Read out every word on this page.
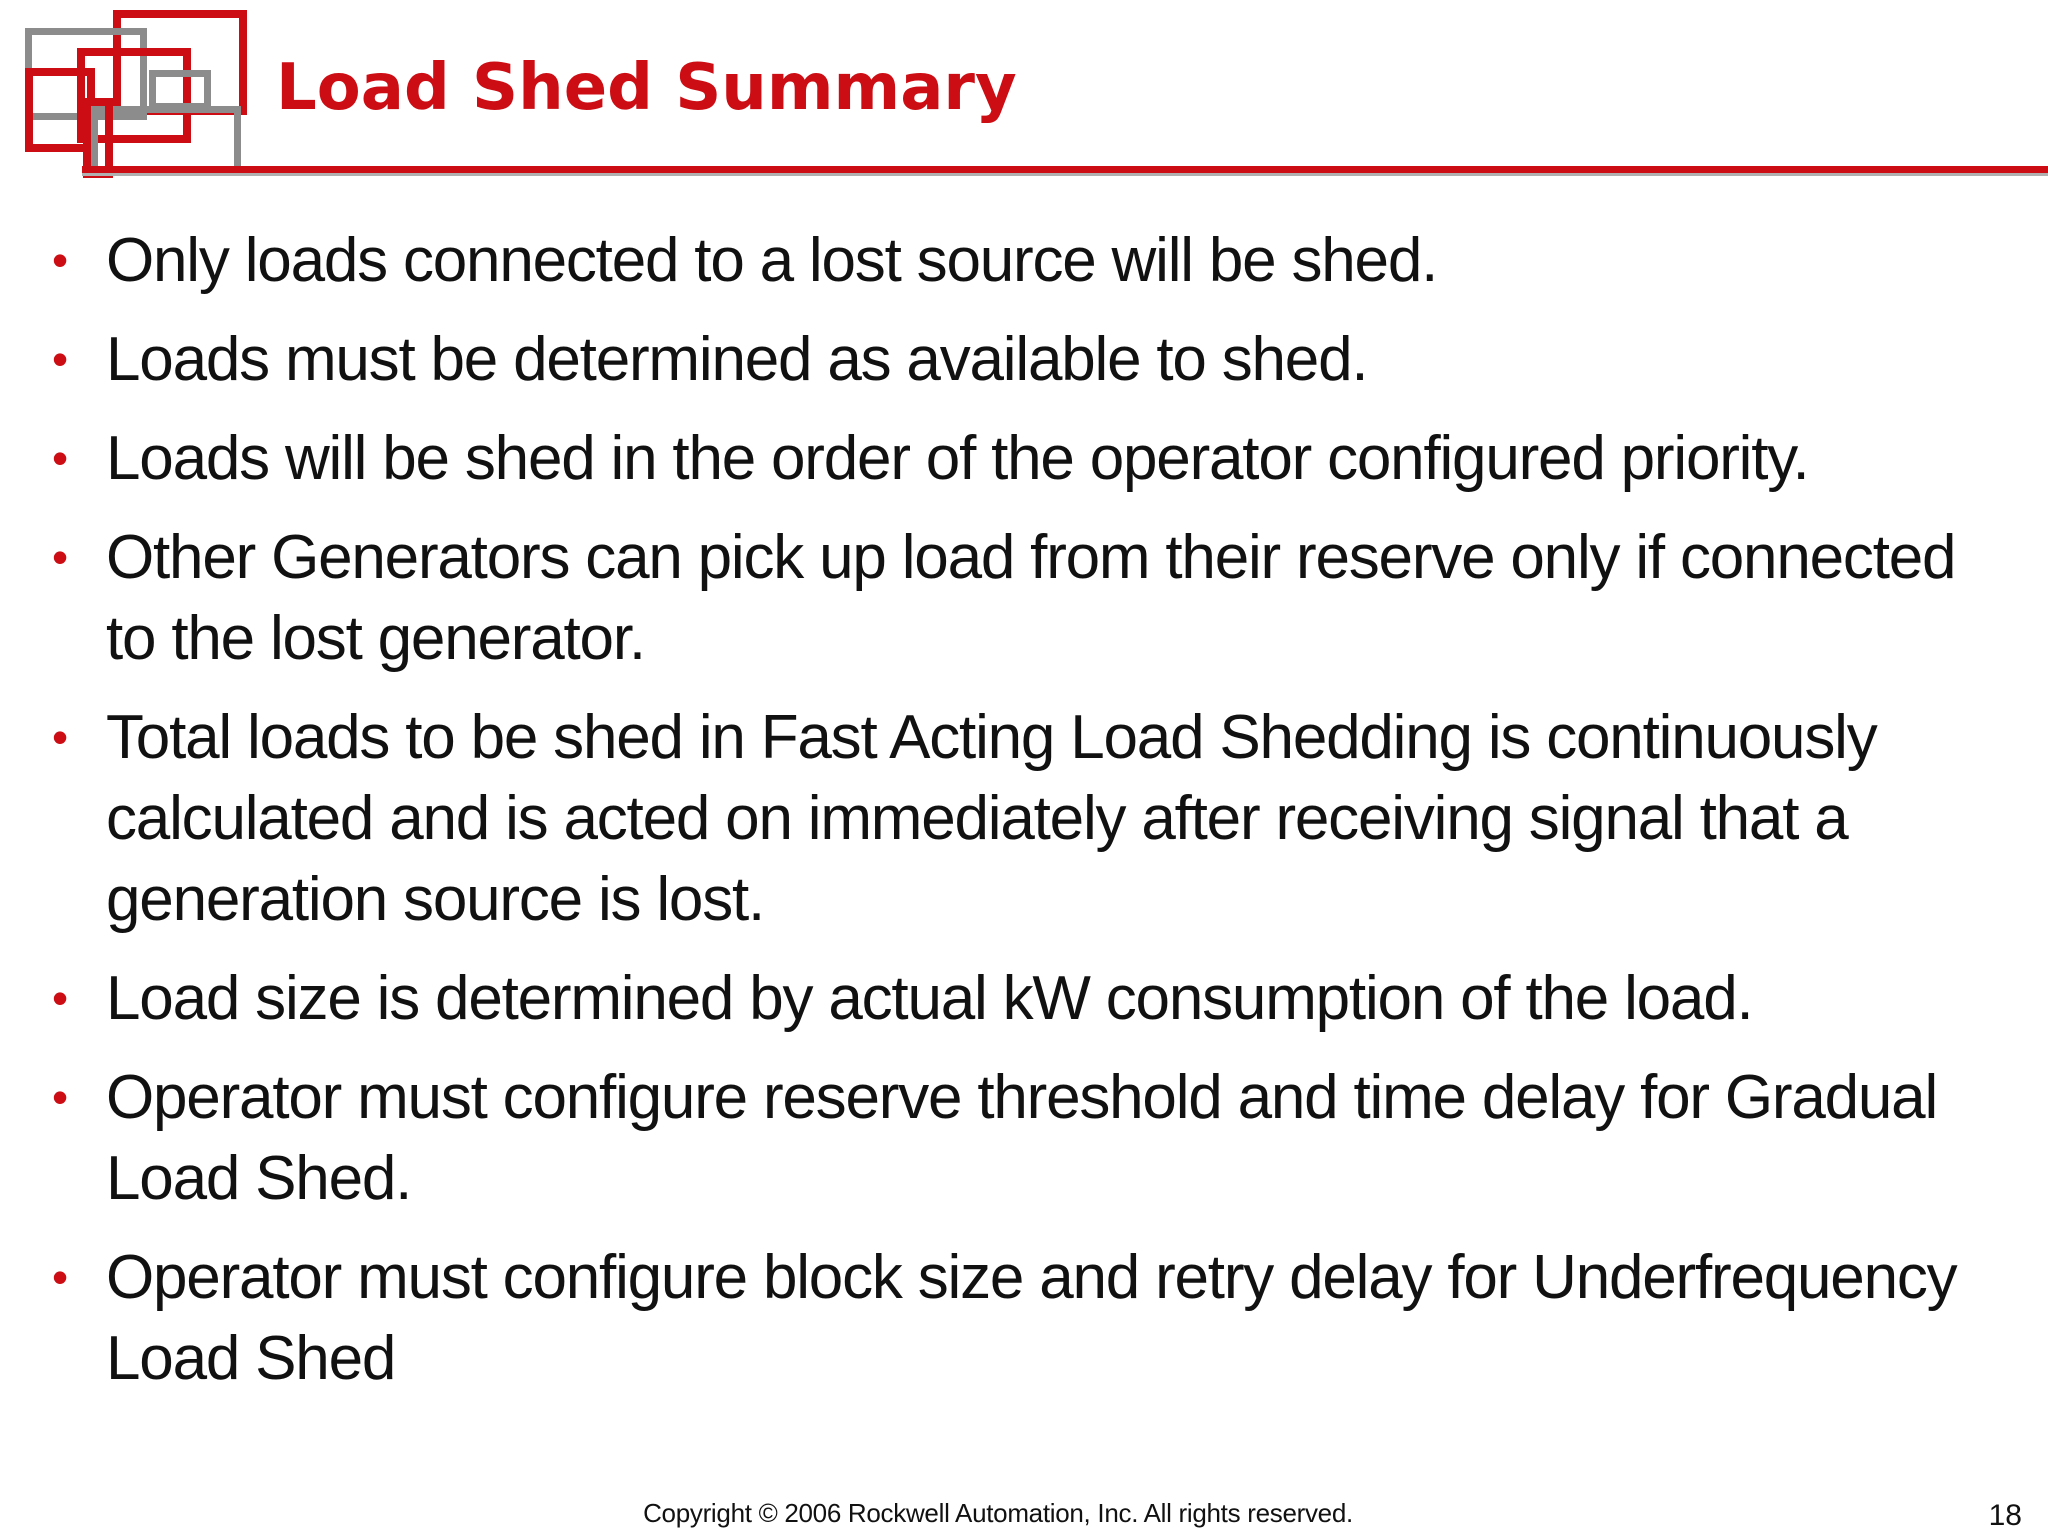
Load Shed Summary
• Only loads connected to a lost source will be shed.
• Loads must be determined as available to shed.
• Loads will be shed in the order of the operator configured priority.
• Other Generators can pick up load from their reserve only if connected to the lost generator.
• Total loads to be shed in Fast Acting Load Shedding is continuously calculated and is acted on immediately after receiving signal that a generation source is lost.
• Load size is determined by actual kW consumption of the load.
• Operator must configure reserve threshold and time delay for Gradual Load Shed.
• Operator must configure block size and retry delay for Underfrequency Load Shed
Copyright © 2006 Rockwell Automation, Inc. All rights reserved.	18
